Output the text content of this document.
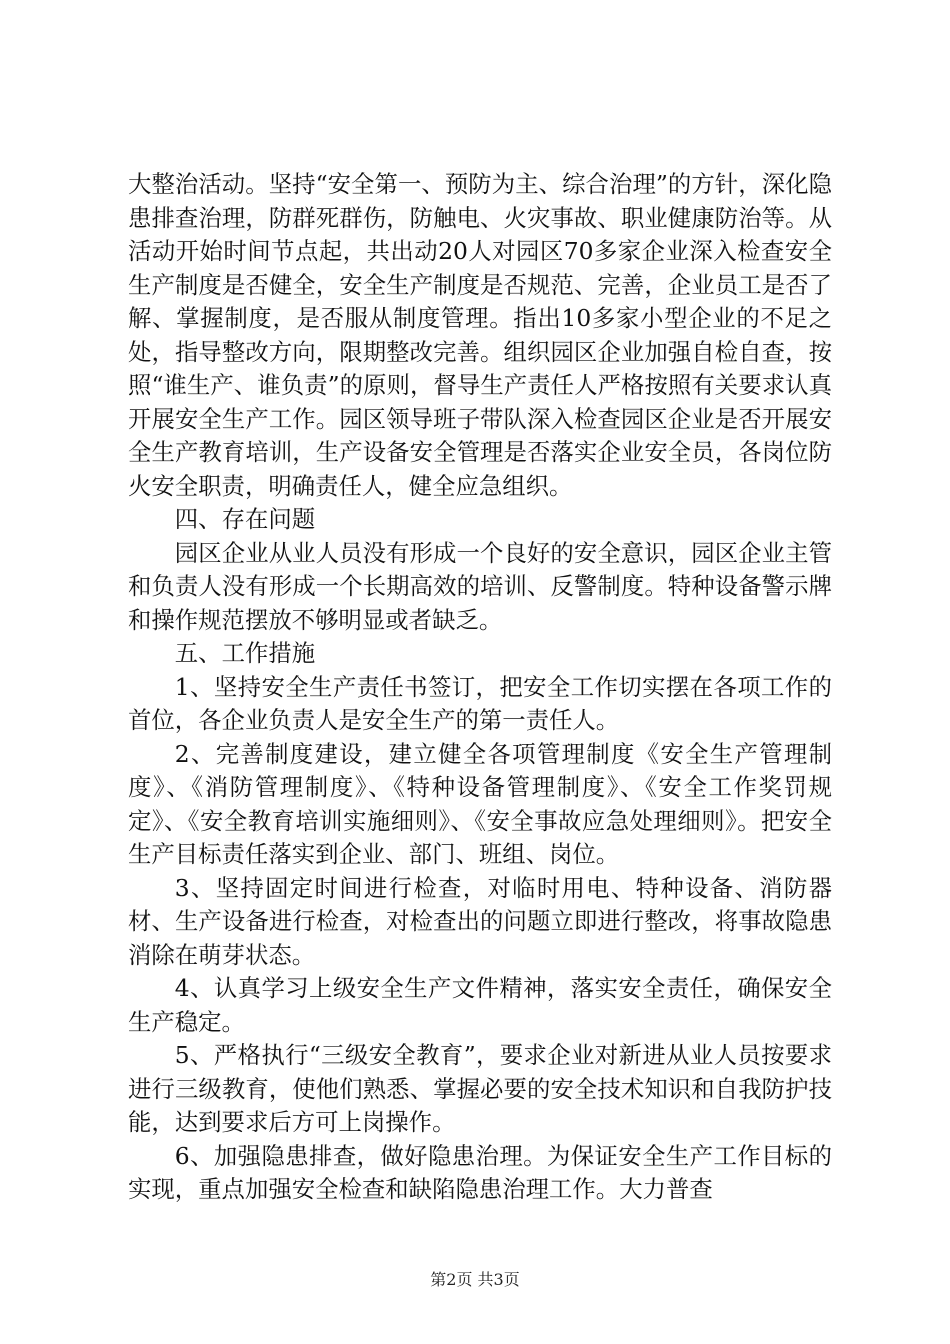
大整治活动。坚持“安全第一、预防为主、综合治理”的方针，深化隐患排查治理，防群死群伤，防触电、火灾事故、职业健康防治等。从活动开始时间节点起，共出动20人对园区70多家企业深入检查安全生产制度是否健全，安全生产制度是否规范、完善，企业员工是否了解、掌握制度，是否服从制度管理。指出10多家小型企业的不足之处，指导整改方向，限期整改完善。组织园区企业加强自检自查，按照“谁生产、谁负责”的原则，督导生产责任人严格按照有关要求认真开展安全生产工作。园区领导班子带队深入检查园区企业是否开展安全生产教育培训，生产设备安全管理是否落实企业安全员，各岗位防火安全职责，明确责任人，健全应急组织。

四、存在问题

园区企业从业人员没有形成一个良好的安全意识，园区企业主管和负责人没有形成一个长期高效的培训、反警制度。特种设备警示牌和操作规范摆放不够明显或者缺乏。

五、工作措施

1、坚持安全生产责任书签订，把安全工作切实摆在各项工作的首位，各企业负责人是安全生产的第一责任人。

2、完善制度建设，建立健全各项管理制度《安全生产管理制度》、《消防管理制度》、《特种设备管理制度》、《安全工作奖罚规定》、《安全教育培训实施细则》、《安全事故应急处理细则》。把安全生产目标责任落实到企业、部门、班组、岗位。

3、坚持固定时间进行检查，对临时用电、特种设备、消防器材、生产设备进行检查，对检查出的问题立即进行整改，将事故隐患消除在萌芽状态。

4、认真学习上级安全生产文件精神，落实安全责任，确保安全生产稳定。

5、严格执行“三级安全教育”，要求企业对新进从业人员按要求进行三级教育，使他们熟悉、掌握必要的安全技术知识和自我防护技能，达到要求后方可上岗操作。

6、加强隐患排查，做好隐患治理。为保证安全生产工作目标的实现，重点加强安全检查和缺陷隐患治理工作。大力普查

第2页 共3页
